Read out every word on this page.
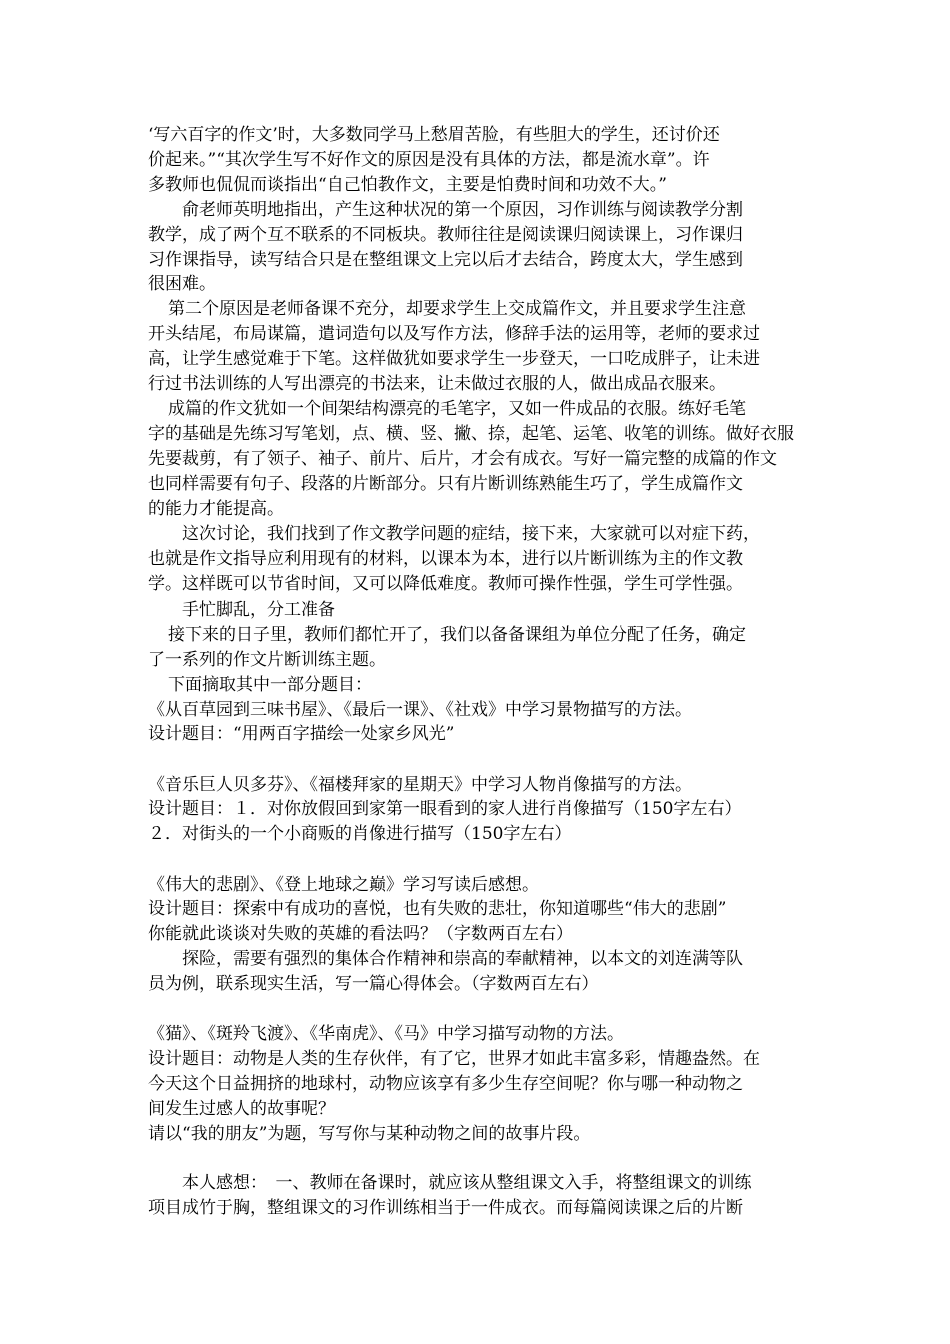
‘写六百字的作文’时，大多数同学马上愁眉苦脸，有些胆大的学生，还讨价还

价起来。”“其次学生写不好作文的原因是没有具体的方法，都是流水章”。许

多教师也侃侃而谈指出“自己怕教作文，主要是怕费时间和功效不大。”

俞老师英明地指出，产生这种状况的第一个原因，习作训练与阅读教学分割

教学，成了两个互不联系的不同板块。教师往往是阅读课归阅读课上，习作课归

习作课指导，读写结合只是在整组课文上完以后才去结合，跨度太大，学生感到

很困难。

第二个原因是老师备课不充分，却要求学生上交成篇作文，并且要求学生注意

开头结尾，布局谋篇，遣词造句以及写作方法，修辞手法的运用等，老师的要求过

高，让学生感觉难于下笔。这样做犹如要求学生一步登天，一口吃成胖子，让未进

行过书法训练的人写出漂亮的书法来，让未做过衣服的人，做出成品衣服来。

成篇的作文犹如一个间架结构漂亮的毛笔字，又如一件成品的衣服。练好毛笔

字的基础是先练习写笔划，点、横、竖、撇、捺，起笔、运笔、收笔的训练。做好衣服

先要裁剪，有了领子、袖子、前片、后片，才会有成衣。写好一篇完整的成篇的作文

也同样需要有句子、段落的片断部分。只有片断训练熟能生巧了，学生成篇作文

的能力才能提高。

这次讨论，我们找到了作文教学问题的症结，接下来，大家就可以对症下药，

也就是作文指导应利用现有的材料，以课本为本，进行以片断训练为主的作文教

学。这样既可以节省时间，又可以降低难度。教师可操作性强，学生可学性强。

手忙脚乱，分工准备

接下来的日子里，教师们都忙开了，我们以备备课组为单位分配了任务，确定

了一系列的作文片断训练主题。

下面摘取其中一部分题目：

《从百草园到三味书屋》、《最后一课》、《社戏》中学习景物描写的方法。

设计题目：“用两百字描绘一处家乡风光”

《音乐巨人贝多芬》、《福楼拜家的星期天》中学习人物肖像描写的方法。

设计题目：１．对你放假回到家第一眼看到的家人进行肖像描写（150字左右）

２．对街头的一个小商贩的肖像进行描写（150字左右）

《伟大的悲剧》、《登上地球之巅》学习写读后感想。

设计题目：探索中有成功的喜悦，也有失败的悲壮，你知道哪些“伟大的悲剧”

你能就此谈谈对失败的英雄的看法吗？（字数两百左右）

探险，需要有强烈的集体合作精神和崇高的奉献精神，以本文的刘连满等队

员为例，联系现实生活，写一篇心得体会。（字数两百左右）

《猫》、《斑羚飞渡》、《华南虎》、《马》中学习描写动物的方法。

设计题目：动物是人类的生存伙伴，有了它，世界才如此丰富多彩，情趣盎然。在

今天这个日益拥挤的地球村，动物应该享有多少生存空间呢？你与哪一种动物之

间发生过感人的故事呢？

请以“我的朋友”为题，写写你与某种动物之间的故事片段。

本人感想：　一、教师在备课时，就应该从整组课文入手，将整组课文的训练

项目成竹于胸，整组课文的习作训练相当于一件成衣。而每篇阅读课之后的片断
